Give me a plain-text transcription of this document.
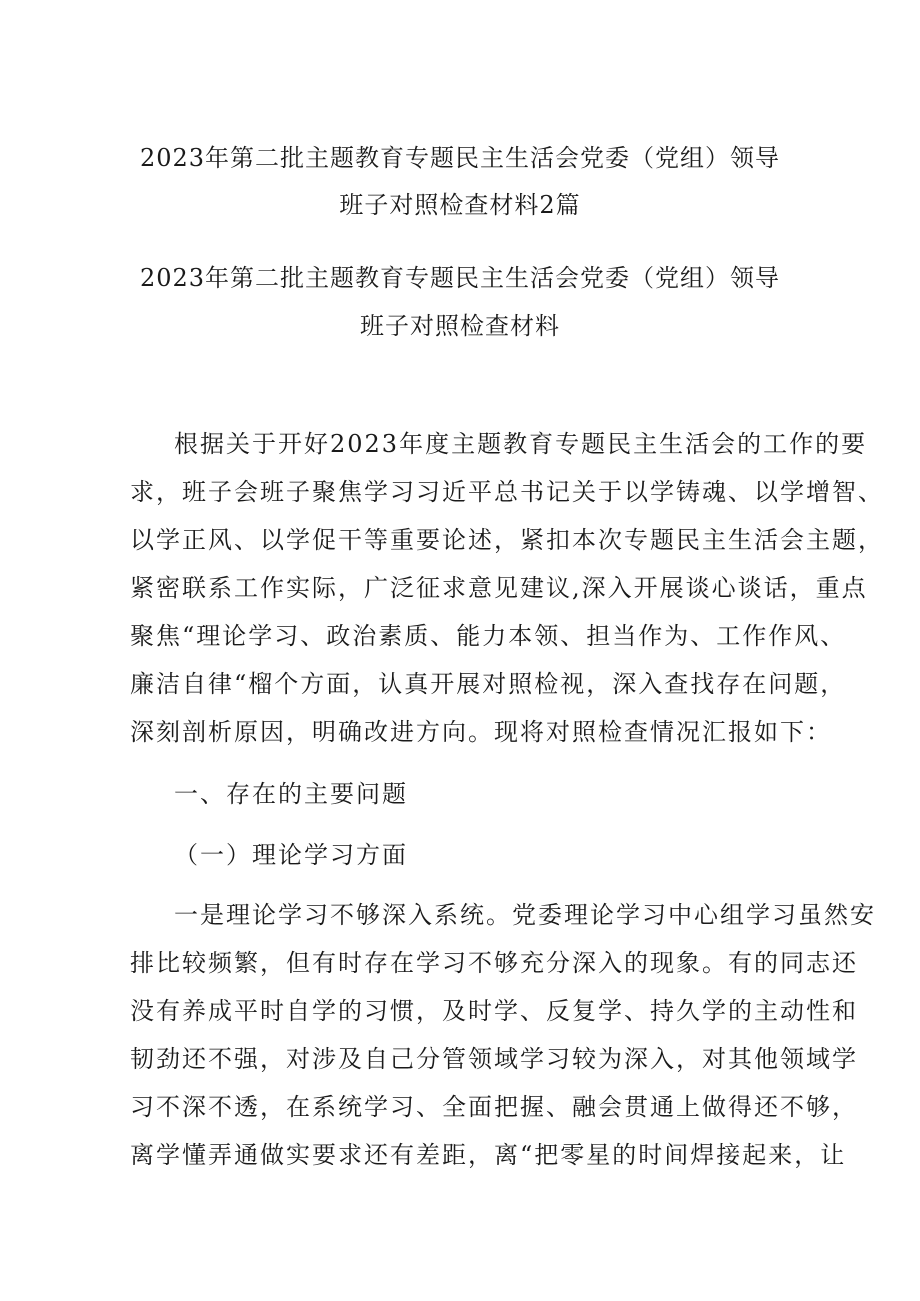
2023年第二批主题教育专题民主生活会党委（党组）领导
班子对照检查材料2篇
2023年第二批主题教育专题民主生活会党委（党组）领导
班子对照检查材料
根据关于开好2023年度主题教育专题民主生活会的工作的要
求，班子会班子聚焦学习习近平总书记关于以学铸魂、以学增智、
以学正风、以学促干等重要论述，紧扣本次专题民主生活会主题，
紧密联系工作实际，广泛征求意见建议,深入开展谈心谈话，重点
聚焦“理论学习、政治素质、能力本领、担当作为、工作作风、
廉洁自律“榴个方面，认真开展对照检视，深入查找存在问题，
深刻剖析原因，明确改进方向。现将对照检查情况汇报如下：
一、存在的主要问题
（一）理论学习方面
一是理论学习不够深入系统。党委理论学习中心组学习虽然安
排比较频繁，但有时存在学习不够充分深入的现象。有的同志还
没有养成平时自学的习惯，及时学、反复学、持久学的主动性和
韧劲还不强，对涉及自己分管领域学习较为深入，对其他领域学
习不深不透，在系统学习、全面把握、融会贯通上做得还不够，
离学懂弄通做实要求还有差距，离“把零星的时间焊接起来，让
